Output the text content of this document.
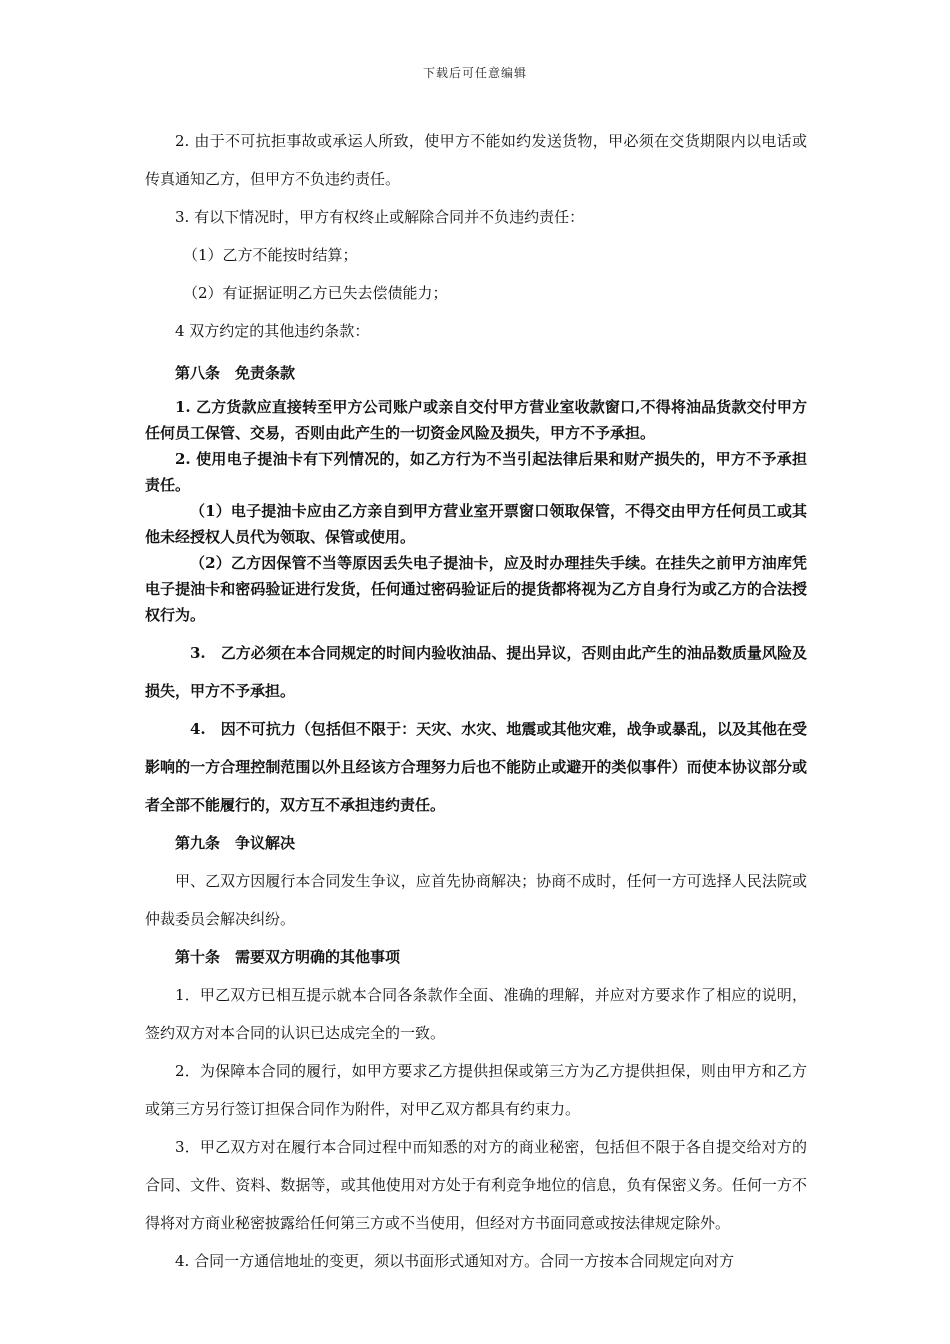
下载后可任意编辑

2. 由于不可抗拒事故或承运人所致，使甲方不能如约发送货物，甲必须在交货期限内以电话或传真通知乙方，但甲方不负违约责任。

3. 有以下情况时，甲方有权终止或解除合同并不负违约责任：

（1）乙方不能按时结算；

（2）有证据证明乙方已失去偿债能力；

4 双方约定的其他违约条款：

第八条　免责条款

1. 乙方货款应直接转至甲方公司账户或亲自交付甲方营业室收款窗口,不得将油品货款交付甲方任何员工保管、交易，否则由此产生的一切资金风险及损失，甲方不予承担。

2. 使用电子提油卡有下列情况的，如乙方行为不当引起法律后果和财产损失的，甲方不予承担责任。

（1）电子提油卡应由乙方亲自到甲方营业室开票窗口领取保管，不得交由甲方任何员工或其他未经授权人员代为领取、保管或使用。

（2）乙方因保管不当等原因丢失电子提油卡，应及时办理挂失手续。在挂失之前甲方油库凭电子提油卡和密码验证进行发货，任何通过密码验证后的提货都将视为乙方自身行为或乙方的合法授权行为。

3.　乙方必须在本合同规定的时间内验收油品、提出异议，否则由此产生的油品数质量风险及损失，甲方不予承担。

4.　因不可抗力（包括但不限于：天灾、水灾、地震或其他灾难，战争或暴乱，以及其他在受影响的一方合理控制范围以外且经该方合理努力后也不能防止或避开的类似事件）而使本协议部分或者全部不能履行的，双方互不承担违约责任。

第九条　争议解决

甲、乙双方因履行本合同发生争议，应首先协商解决；协商不成时，任何一方可选择人民法院或仲裁委员会解决纠纷。

第十条　需要双方明确的其他事项

1．甲乙双方已相互提示就本合同各条款作全面、准确的理解，并应对方要求作了相应的说明，签约双方对本合同的认识已达成完全的一致。

2．为保障本合同的履行，如甲方要求乙方提供担保或第三方为乙方提供担保，则由甲方和乙方或第三方另行签订担保合同作为附件，对甲乙双方都具有约束力。

3．甲乙双方对在履行本合同过程中而知悉的对方的商业秘密，包括但不限于各自提交给对方的合同、文件、资料、数据等，或其他使用对方处于有利竞争地位的信息，负有保密义务。任何一方不得将对方商业秘密披露给任何第三方或不当使用，但经对方书面同意或按法律规定除外。

4. 合同一方通信地址的变更，须以书面形式通知对方。合同一方按本合同规定向对方
